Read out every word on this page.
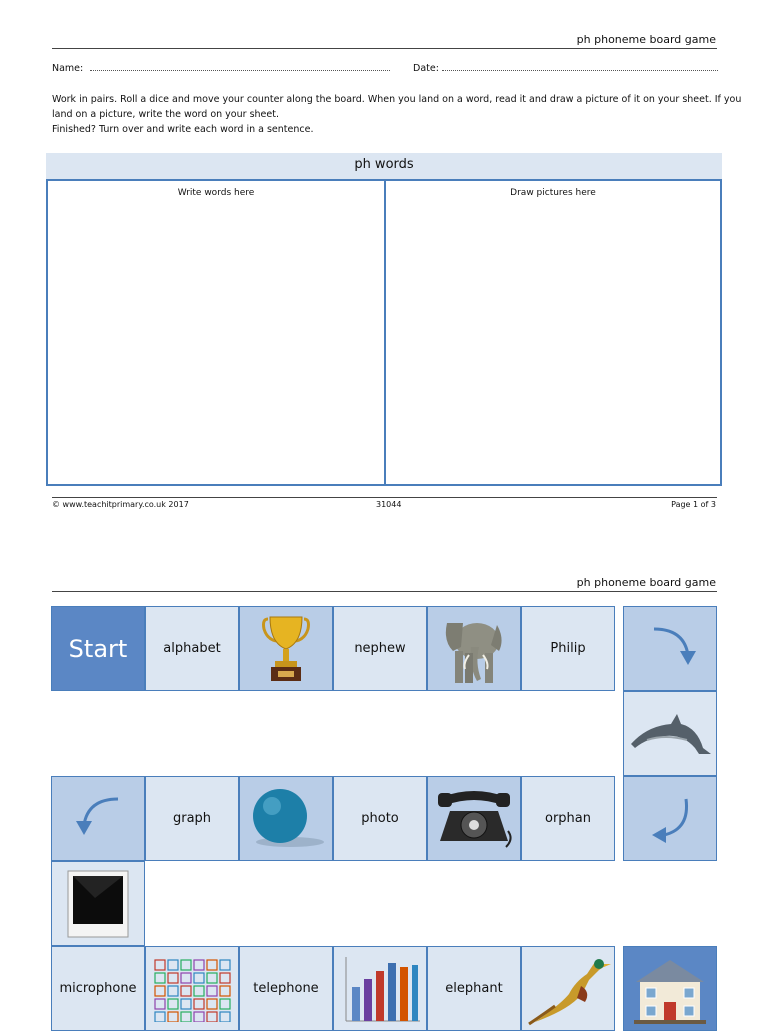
ph phoneme board game
Name:	Date:
Work in pairs. Roll a dice and move your counter along the board. When you land on a word, read it and draw a picture of it on your sheet. If you
land on a picture, write the word on your sheet.
Finished? Turn over and write each word in a sentence.
ph words
Write words here	Draw pictures here
© www.teachitprimary.co.uk 2017	31044	Page 1 of 3
ph phoneme board game
Start	alphabet	nephew	Philip
graph	photo	orphan
microphone	telephone	elephant
